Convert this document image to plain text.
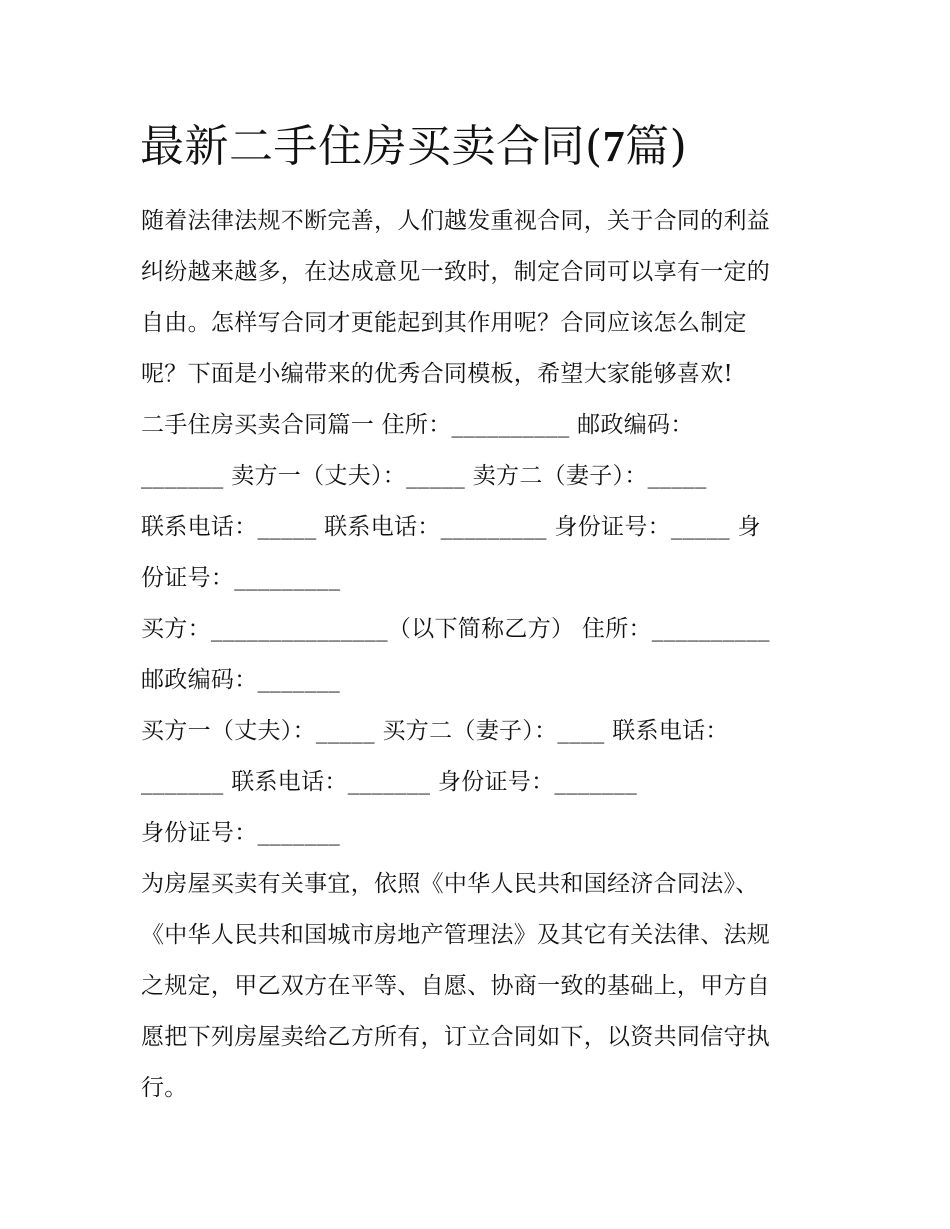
最新二手住房买卖合同(7篇)

随着法律法规不断完善，人们越发重视合同，关于合同的利益

纠纷越来越多，在达成意见一致时，制定合同可以享有一定的

自由。怎样写合同才更能起到其作用呢？合同应该怎么制定

呢？下面是小编带来的优秀合同模板，希望大家能够喜欢!

二手住房买卖合同篇一 住所：__________ 邮政编码：

_______ 卖方一（丈夫）：_____ 卖方二（妻子）：_____

联系电话：_____ 联系电话：_________ 身份证号：_____ 身

份证号：_________

买方：_______________（以下简称乙方） 住所：__________

邮政编码：_______

买方一（丈夫）：_____ 买方二（妻子）：____ 联系电话：

_______ 联系电话：_______ 身份证号：_______

身份证号：_______

为房屋买卖有关事宜，依照《中华人民共和国经济合同法》、

《中华人民共和国城市房地产管理法》及其它有关法律、法规

之规定，甲乙双方在平等、自愿、协商一致的基础上，甲方自

愿把下列房屋卖给乙方所有，订立合同如下，以资共同信守执

行。
